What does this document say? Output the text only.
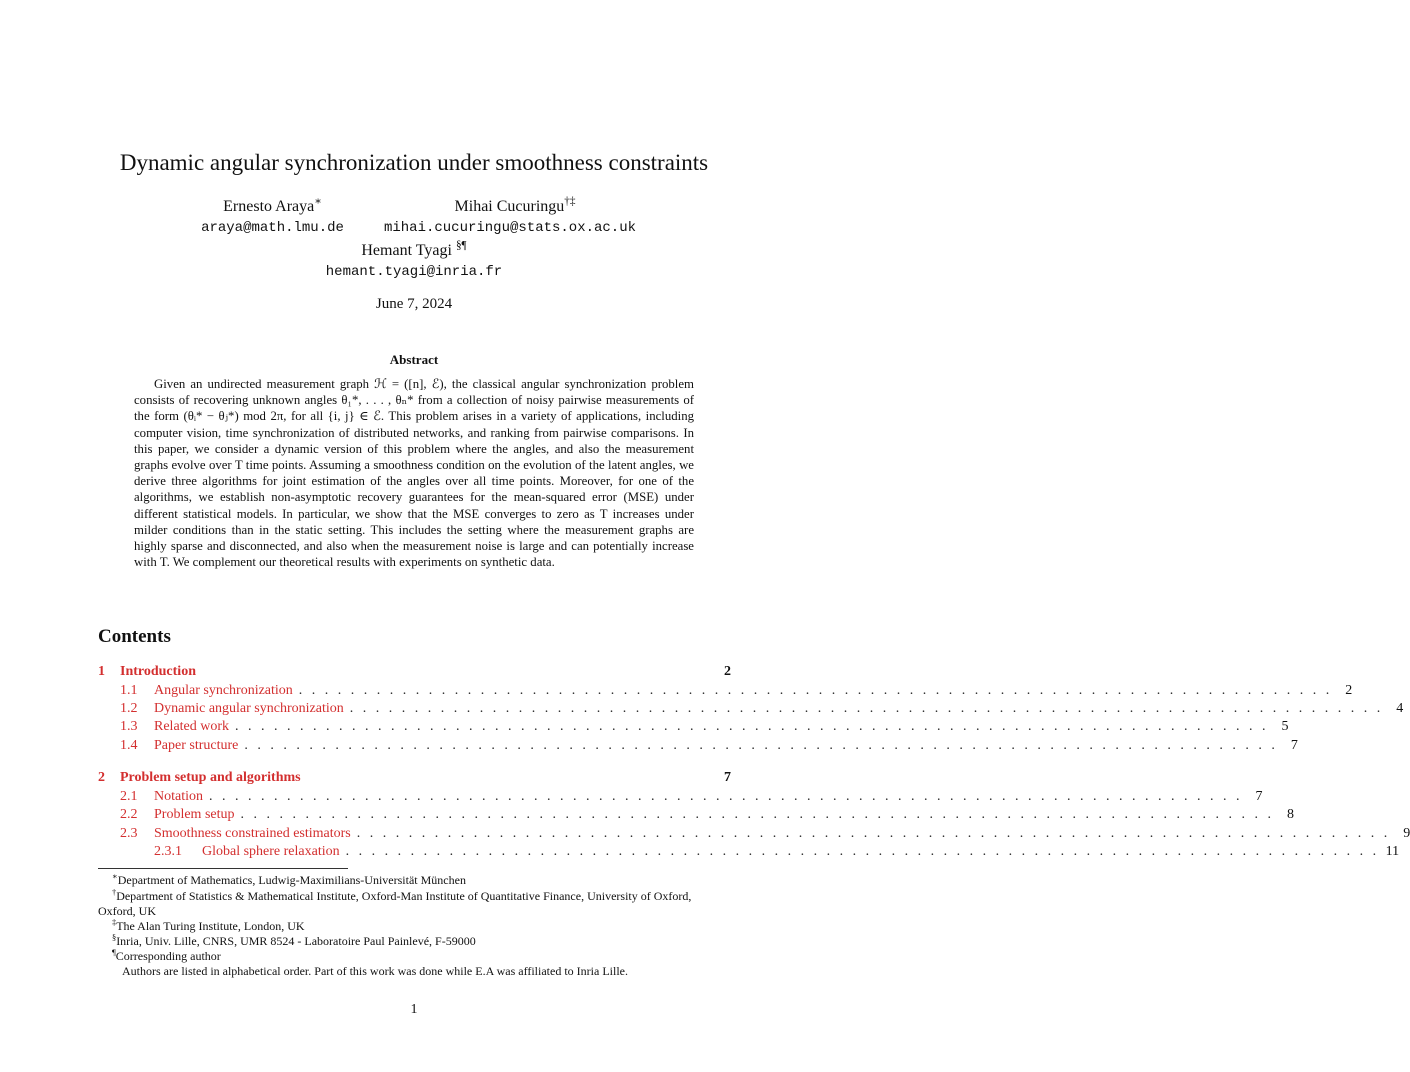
Dynamic angular synchronization under smoothness constraints
Ernesto Araya∗
araya@math.lmu.de
Mihai Cucuringu†‡
mihai.cucuringu@stats.ox.ac.uk
Hemant Tyagi §¶
hemant.tyagi@inria.fr
June 7, 2024
Abstract
Given an undirected measurement graph ℋ = ([n], ℰ), the classical angular synchronization problem consists of recovering unknown angles θ₁*, . . . , θₙ* from a collection of noisy pairwise measurements of the form (θᵢ* − θⱼ*) mod 2π, for all {i, j} ∈ ℰ. This problem arises in a variety of applications, including computer vision, time synchronization of distributed networks, and ranking from pairwise comparisons. In this paper, we consider a dynamic version of this problem where the angles, and also the measurement graphs evolve over T time points. Assuming a smoothness condition on the evolution of the latent angles, we derive three algorithms for joint estimation of the angles over all time points. Moreover, for one of the algorithms, we establish non-asymptotic recovery guarantees for the mean-squared error (MSE) under different statistical models. In particular, we show that the MSE converges to zero as T increases under milder conditions than in the static setting. This includes the setting where the measurement graphs are highly sparse and disconnected, and also when the measurement noise is large and can potentially increase with T. We complement our theoretical results with experiments on synthetic data.
Contents
1	Introduction	2
1.1	Angular synchronization . . . . . . . . . . . . . . . . . . . . . . . . . . . . . . . . . . . . . . . . . . . . . . . . . . . . . . . . . . . . . . . . . . . . . . . . . . . . . . . . 2
1.2	Dynamic angular synchronization . . . . . . . . . . . . . . . . . . . . . . . . . . . . . . . . . . . . . . . . . . . . . . . . . . . . . . . . . . . . . . . . . . . . . . . . . . . . . . . . 4
1.3	Related work . . . . . . . . . . . . . . . . . . . . . . . . . . . . . . . . . . . . . . . . . . . . . . . . . . . . . . . . . . . . . . . . . . . . . . . . . . . . . . . . 5
1.4	Paper structure . . . . . . . . . . . . . . . . . . . . . . . . . . . . . . . . . . . . . . . . . . . . . . . . . . . . . . . . . . . . . . . . . . . . . . . . . . . . . . . . 7
2	Problem setup and algorithms	7
2.1	Notation . . . . . . . . . . . . . . . . . . . . . . . . . . . . . . . . . . . . . . . . . . . . . . . . . . . . . . . . . . . . . . . . . . . . . . . . . . . . . . . . 7
2.2	Problem setup . . . . . . . . . . . . . . . . . . . . . . . . . . . . . . . . . . . . . . . . . . . . . . . . . . . . . . . . . . . . . . . . . . . . . . . . . . . . . . . . 8
2.3	Smoothness constrained estimators . . . . . . . . . . . . . . . . . . . . . . . . . . . . . . . . . . . . . . . . . . . . . . . . . . . . . . . . . . . . . . . . . . . . . . . . . . . . . . . . 9
2.3.1	Global sphere relaxation . . . . . . . . . . . . . . . . . . . . . . . . . . . . . . . . . . . . . . . . . . . . . . . . . . . . . . . . . . . . . . . . . . . . . . . . . . . . . . . . 11
∗Department of Mathematics, Ludwig-Maximilians-Universität München
†Department of Statistics & Mathematical Institute, Oxford-Man Institute of Quantitative Finance, University of Oxford, Oxford, UK
‡The Alan Turing Institute, London, UK
§Inria, Univ. Lille, CNRS, UMR 8524 - Laboratoire Paul Painlevé, F-59000
¶Corresponding author
Authors are listed in alphabetical order. Part of this work was done while E.A was affiliated to Inria Lille.
1
